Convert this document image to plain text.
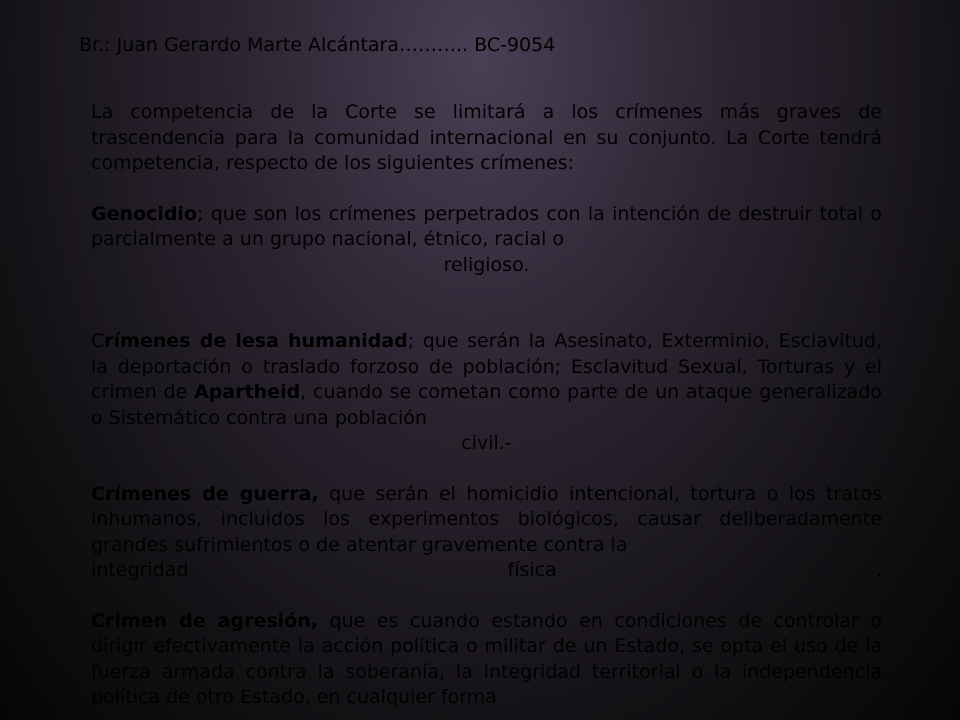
Br.: Juan Gerardo Marte Alcántara……….. BC-9054

La competencia de la Corte se limitará a los crímenes más graves de trascendencia para la comunidad internacional en su conjunto. La Corte tendrá competencia, respecto de los siguientes crímenes:

Genocidio; que son los crímenes perpetrados con la intención de destruir total o parcialmente a un grupo nacional, étnico, racial o

religioso.

Crímenes de lesa humanidad; que serán la Asesinato, Exterminio, Esclavitud, la deportación o traslado forzoso de población; Esclavitud Sexual, Torturas y el crimen de Apartheid, cuando se cometan como parte de un ataque generalizado o Sistemático contra una población

civil.-

Crímenes de guerra, que serán el homicidio intencional, tortura o los tratos inhumanos, incluidos los experimentos biológicos, causar deliberadamente grandes sufrimientos o de atentar gravemente contra la

integridad	física	.

Crimen de agresión, que es cuando estando en condiciones de controlar o dirigir efectivamente la acción política o militar de un Estado, se opta el uso de la fuerza armada contra la soberanía, la integridad territorial o la independencia política de otro Estado, en cualquier forma
